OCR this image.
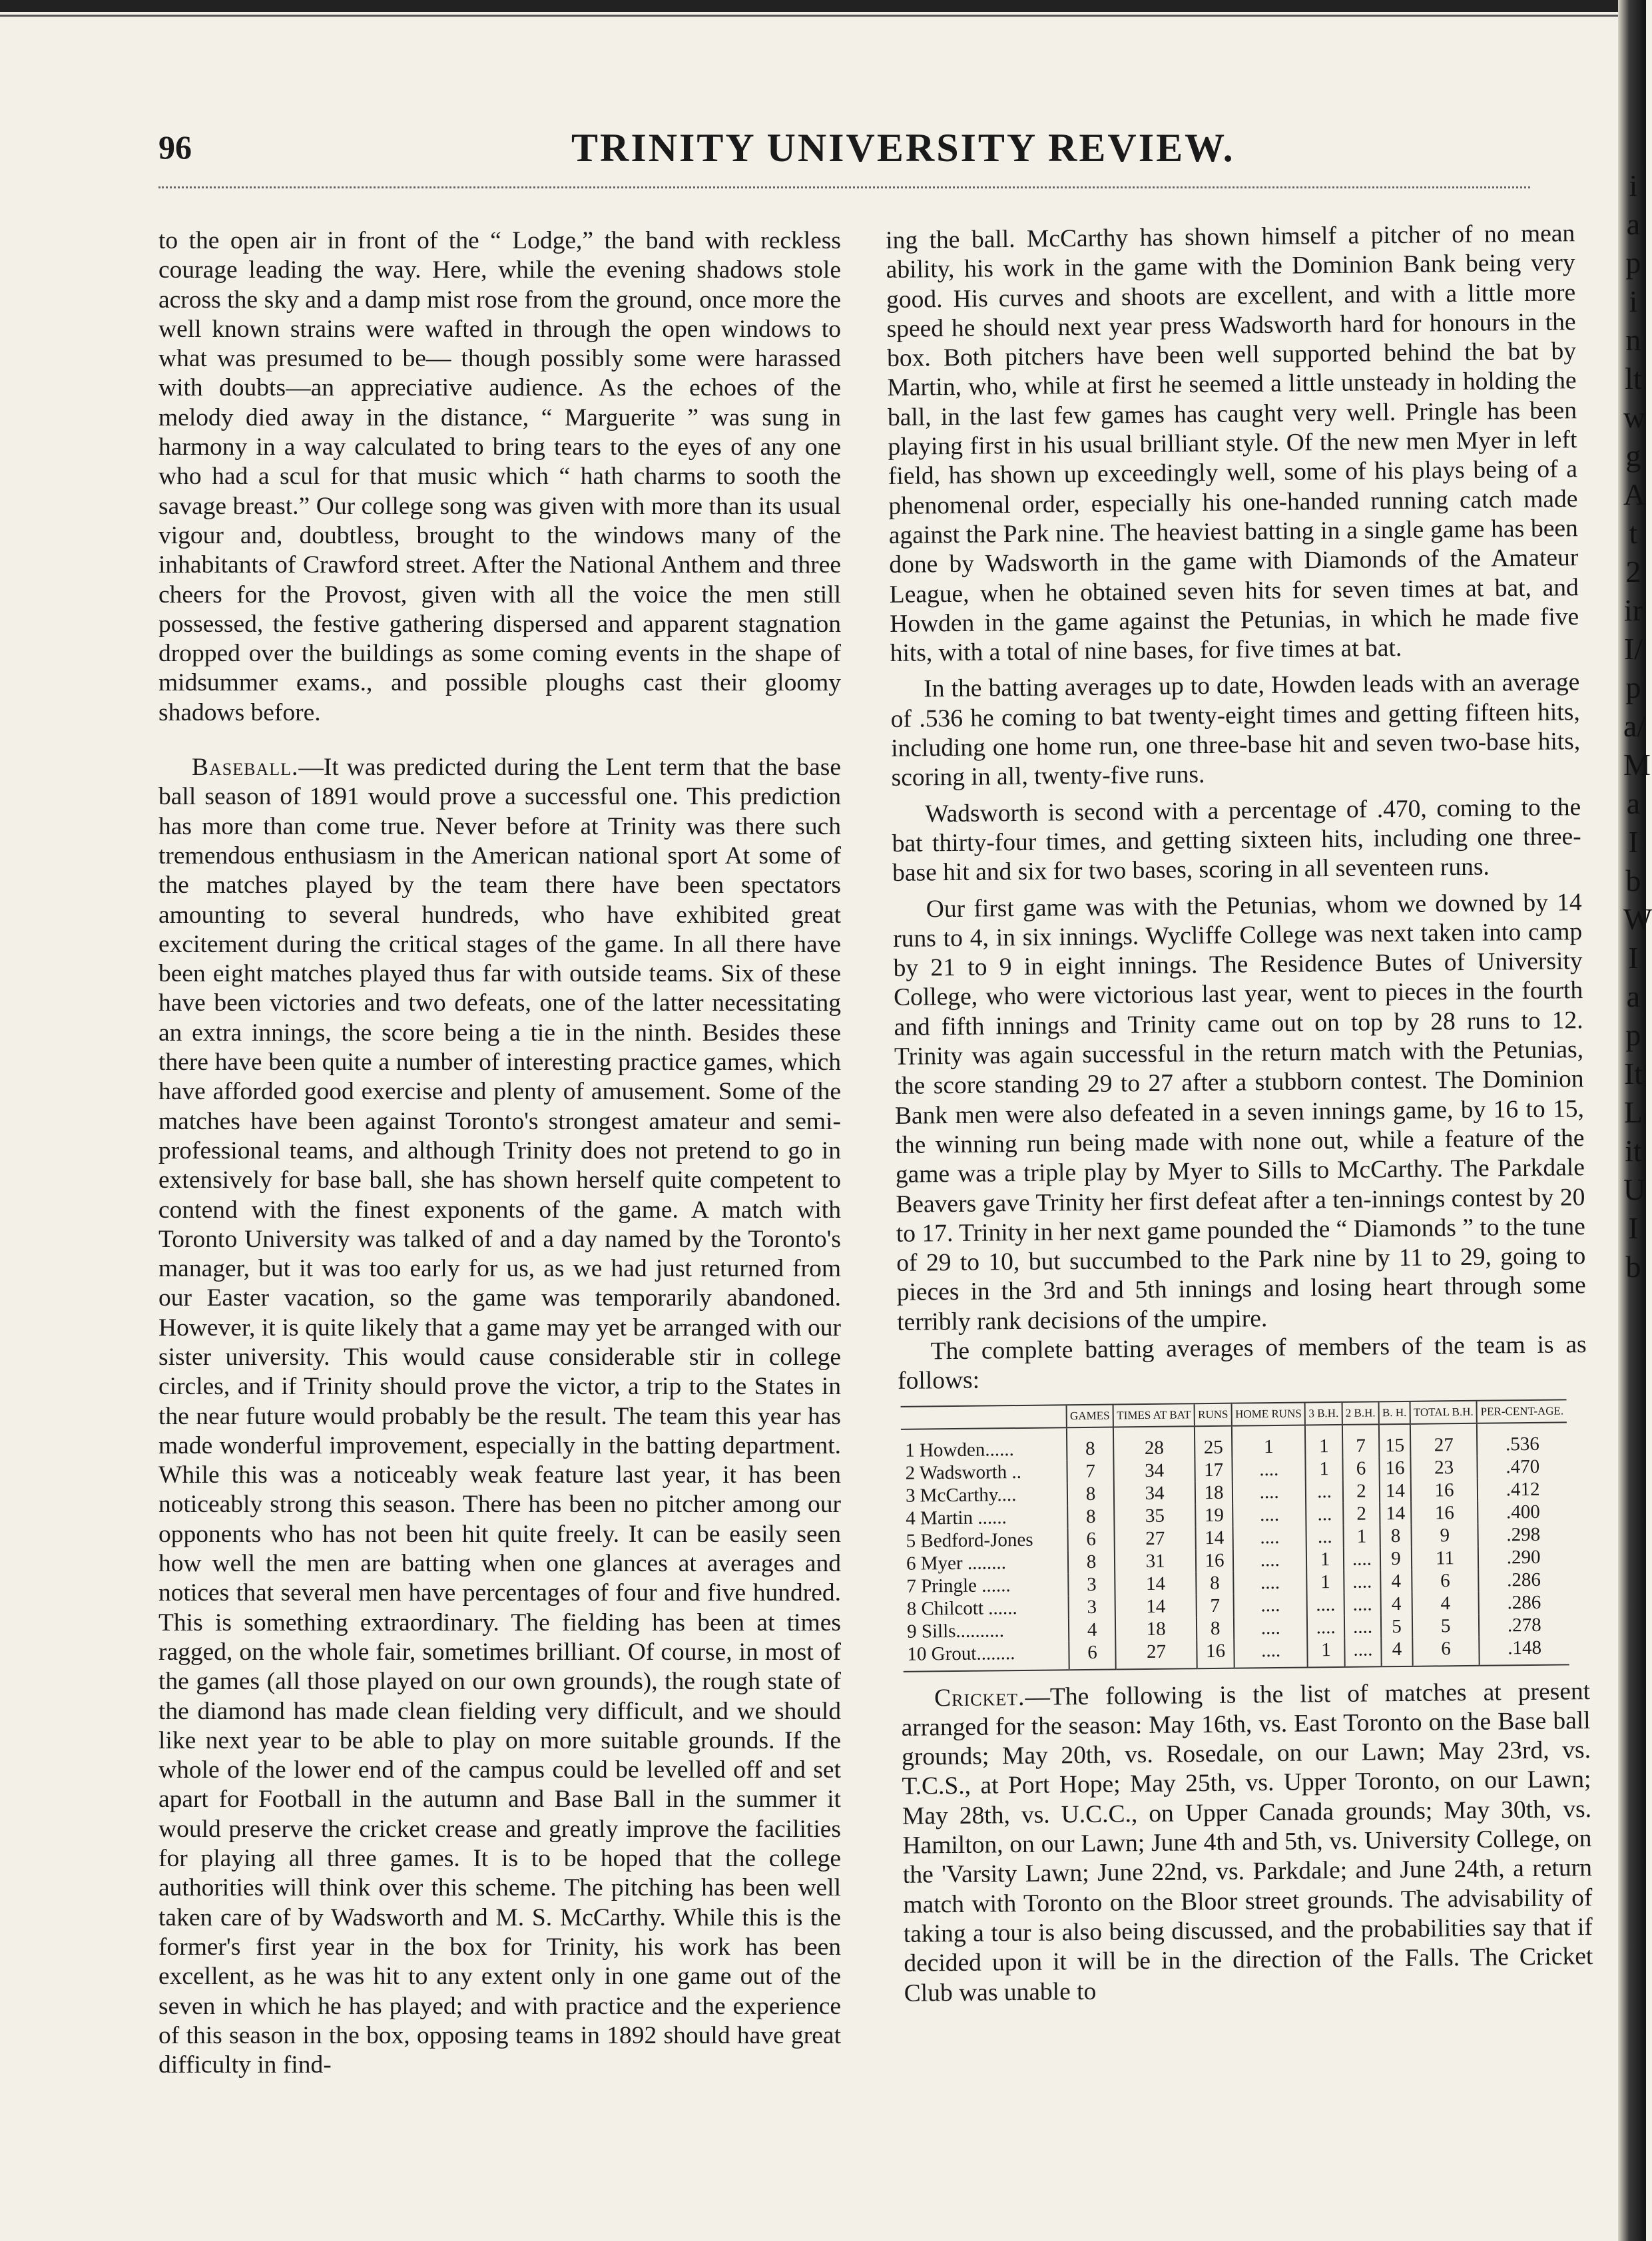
iapinltwgAt2irI/pa/MaIbWIapItLitUIb
96	TRINITY UNIVERSITY REVIEW.

to the open air in front of the “ Lodge,” the band with reckless courage leading the way. Here, while the evening shadows stole across the sky and a damp mist rose from the ground, once more the well known strains were wafted in through the open windows to what was presumed to be— though possibly some were harassed with doubts—an appreciative audience. As the echoes of the melody died away in the distance, “ Marguerite ” was sung in harmony in a way calculated to bring tears to the eyes of any one who had a scul for that music which “ hath charms to sooth the savage breast.” Our college song was given with more than its usual vigour and, doubtless, brought to the windows many of the inhabitants of Crawford street. After the National Anthem and three cheers for the Provost, given with all the voice the men still possessed, the festive gathering dispersed and apparent stagnation dropped over the buildings as some coming events in the shape of midsummer exams., and possible ploughs cast their gloomy shadows before.

Baseball.—It was predicted during the Lent term that the base ball season of 1891 would prove a successful one. This prediction has more than come true. Never before at Trinity was there such tremendous enthusiasm in the American national sport At some of the matches played by the team there have been spectators amounting to several hundreds, who have exhibited great excitement during the critical stages of the game. In all there have been eight matches played thus far with outside teams. Six of these have been victories and two defeats, one of the latter necessitating an extra innings, the score being a tie in the ninth. Besides these there have been quite a number of interesting practice games, which have afforded good exercise and plenty of amusement. Some of the matches have been against Toronto's strongest amateur and semi-professional teams, and although Trinity does not pretend to go in extensively for base ball, she has shown herself quite competent to contend with the finest exponents of the game. A match with Toronto University was talked of and a day named by the Toronto's manager, but it was too early for us, as we had just returned from our Easter vacation, so the game was temporarily abandoned. However, it is quite likely that a game may yet be arranged with our sister university. This would cause considerable stir in college circles, and if Trinity should prove the victor, a trip to the States in the near future would probably be the result. The team this year has made wonderful improvement, especially in the batting department. While this was a noticeably weak feature last year, it has been noticeably strong this season. There has been no pitcher among our opponents who has not been hit quite freely. It can be easily seen how well the men are batting when one glances at averages and notices that several men have percentages of four and five hundred. This is something extraordinary. The fielding has been at times ragged, on the whole fair, sometimes brilliant. Of course, in most of the games (all those played on our own grounds), the rough state of the diamond has made clean fielding very difficult, and we should like next year to be able to play on more suitable grounds. If the whole of the lower end of the campus could be levelled off and set apart for Football in the autumn and Base Ball in the summer it would preserve the cricket crease and greatly improve the facilities for playing all three games. It is to be hoped that the college authorities will think over this scheme. The pitching has been well taken care of by Wadsworth and M. S. McCarthy. While this is the former's first year in the box for Trinity, his work has been excellent, as he was hit to any extent only in one game out of the seven in which he has played; and with practice and the experience of this season in the box, opposing teams in 1892 should have great difficulty in find-

ing the ball. McCarthy has shown himself a pitcher of no mean ability, his work in the game with the Dominion Bank being very good. His curves and shoots are excellent, and with a little more speed he should next year press Wadsworth hard for honours in the box. Both pitchers have been well supported behind the bat by Martin, who, while at first he seemed a little unsteady in holding the ball, in the last few games has caught very well. Pringle has been playing first in his usual brilliant style. Of the new men Myer in left field, has shown up exceedingly well, some of his plays being of a phenomenal order, especially his one-handed running catch made against the Park nine. The heaviest batting in a single game has been done by Wadsworth in the game with Diamonds of the Amateur League, when he obtained seven hits for seven times at bat, and Howden in the game against the Petunias, in which he made five hits, with a total of nine bases, for five times at bat.

In the batting averages up to date, Howden leads with an average of .536 he coming to bat twenty-eight times and getting fifteen hits, including one home run, one three-base hit and seven two-base hits, scoring in all, twenty-five runs.

Wadsworth is second with a percentage of .470, coming to the bat thirty-four times, and getting sixteen hits, including one three-base hit and six for two bases, scoring in all seventeen runs.

Our first game was with the Petunias, whom we downed by 14 runs to 4, in six innings. Wycliffe College was next taken into camp by 21 to 9 in eight innings. The Residence Butes of University College, who were victorious last year, went to pieces in the fourth and fifth innings and Trinity came out on top by 28 runs to 12. Trinity was again successful in the return match with the Petunias, the score standing 29 to 27 after a stubborn contest. The Dominion Bank men were also defeated in a seven innings game, by 16 to 15, the winning run being made with none out, while a feature of the game was a triple play by Myer to Sills to McCarthy. The Parkdale Beavers gave Trinity her first defeat after a ten-innings contest by 20 to 17. Trinity in her next game pounded the “ Diamonds ” to the tune of 29 to 10, but succumbed to the Park nine by 11 to 29, going to pieces in the 3rd and 5th innings and losing heart through some terribly rank decisions of the umpire.

The complete batting averages of members of the team is as follows:

	GAMES	TIMES AT BAT	RUNS	HOME RUNS	3 B.H.	2 B.H.	B. H.	TOTAL B.H.	PER-CENT-AGE.
1 Howden......	8	28	25	1	1	7	15	27	.536
2 Wadsworth ..	7	34	17	....	1	6	16	23	.470
3 McCarthy....	8	34	18	....	...	2	14	16	.412
4 Martin ......	8	35	19	....	...	2	14	16	.400
5 Bedford-Jones	6	27	14	....	...	1	8	9	.298
6 Myer ........	8	31	16	....	1	....	9	11	.290
7 Pringle ......	3	14	8	....	1	....	4	6	.286
8 Chilcott ......	3	14	7	....	....	....	4	4	.286
9 Sills..........	4	18	8	....	....	....	5	5	.278
10 Grout........	6	27	16	....	1	....	4	6	.148

Cricket.—The following is the list of matches at present arranged for the season: May 16th, vs. East Toronto on the Base ball grounds; May 20th, vs. Rosedale, on our Lawn; May 23rd, vs. T.C.S., at Port Hope; May 25th, vs. Upper Toronto, on our Lawn; May 28th, vs. U.C.C., on Upper Canada grounds; May 30th, vs. Hamilton, on our Lawn; June 4th and 5th, vs. University College, on the 'Varsity Lawn; June 22nd, vs. Parkdale; and June 24th, a return match with Toronto on the Bloor street grounds. The advisability of taking a tour is also being discussed, and the probabilities say that if decided upon it will be in the direction of the Falls. The Cricket Club was unable to
